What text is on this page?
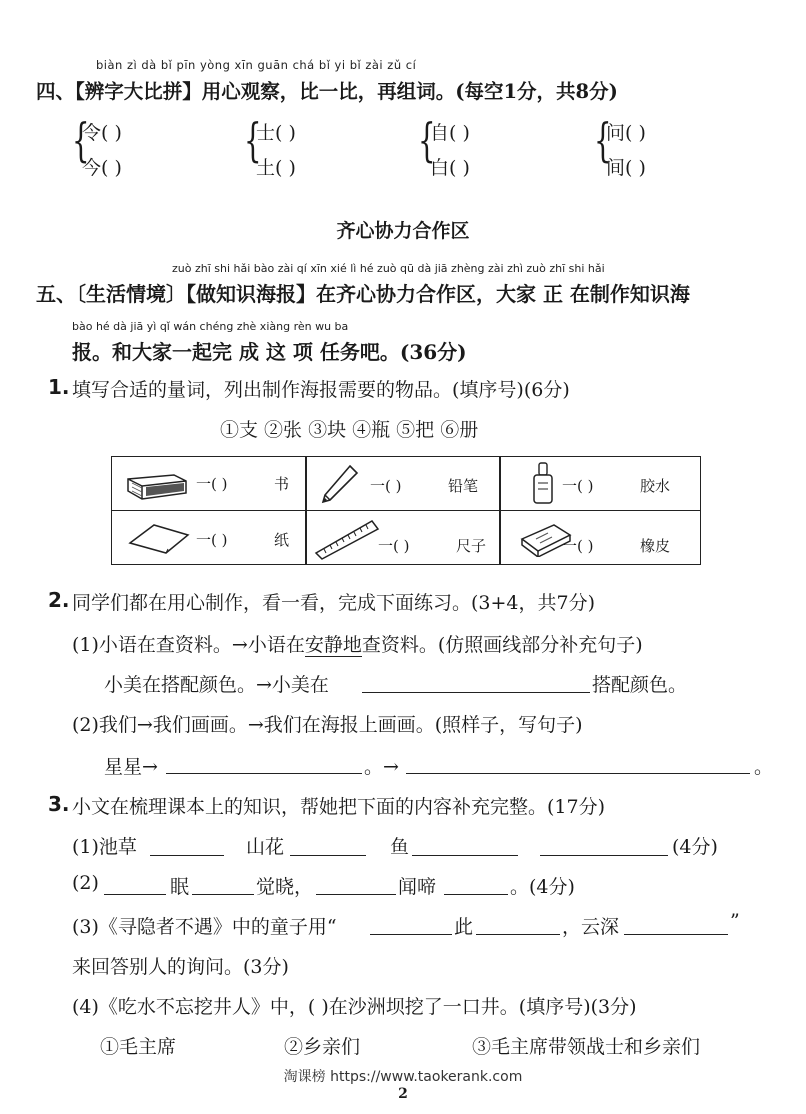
biàn zì dà bǐ pīn yòng xīn guān chá bǐ yi bǐ zài zǔ cí
四、【辨字大比拼】用心观察，比一比，再组词。(每空1分，共8分)
{
令( )
今( )
{
士( )
土( )
{
自( )
白( )
{
问( )
间( )
齐心协力合作区
zuò zhī shi hǎi bào zài qí xīn xié lì hé zuò qū dà jiā zhèng zài zhì zuò zhī shi hǎi
五、〔生活情境〕【做知识海报】在齐心协力合作区，大家 正 在制作知识海
bào hé dà jiā yì qǐ wán chéng zhè xiàng rèn wu ba
报。和大家一起完 成 这 项 任务吧。(36分)
1. 填写合适的量词，列出制作海报需要的物品。(填序号)(6分)
①支 ②张 ③块 ④瓶 ⑤把 ⑥册
一( )	书	一( )	铅笔	一( )	胶水
一( )	纸	一( )	尺子	一( )	橡皮
2. 同学们都在用心制作，看一看，完成下面练习。(3+4，共7分)
(1)小语在查资料。→小语在安静地查资料。(仿照画线部分补充句子)
小美在搭配颜色。→小美在	搭配颜色。
(2)我们→我们画画。→我们在海报上画画。(照样子，写句子)
星星→	。→	。
3. 小文在梳理课本上的知识，帮她把下面的内容补充完整。(17分)
(1)池草	山花	鱼	(4分)
(2)	眠	觉晓，	闻啼	。(4分)
(3)《寻隐者不遇》中的童子用“	此	，云深	”
来回答别人的询问。(3分)
(4)《吃水不忘挖井人》中，( )在沙洲坝挖了一口井。(填序号)(3分)
①毛主席	②乡亲们	③毛主席带领战士和乡亲们
淘课榜 https://www.taokerank.com
2
